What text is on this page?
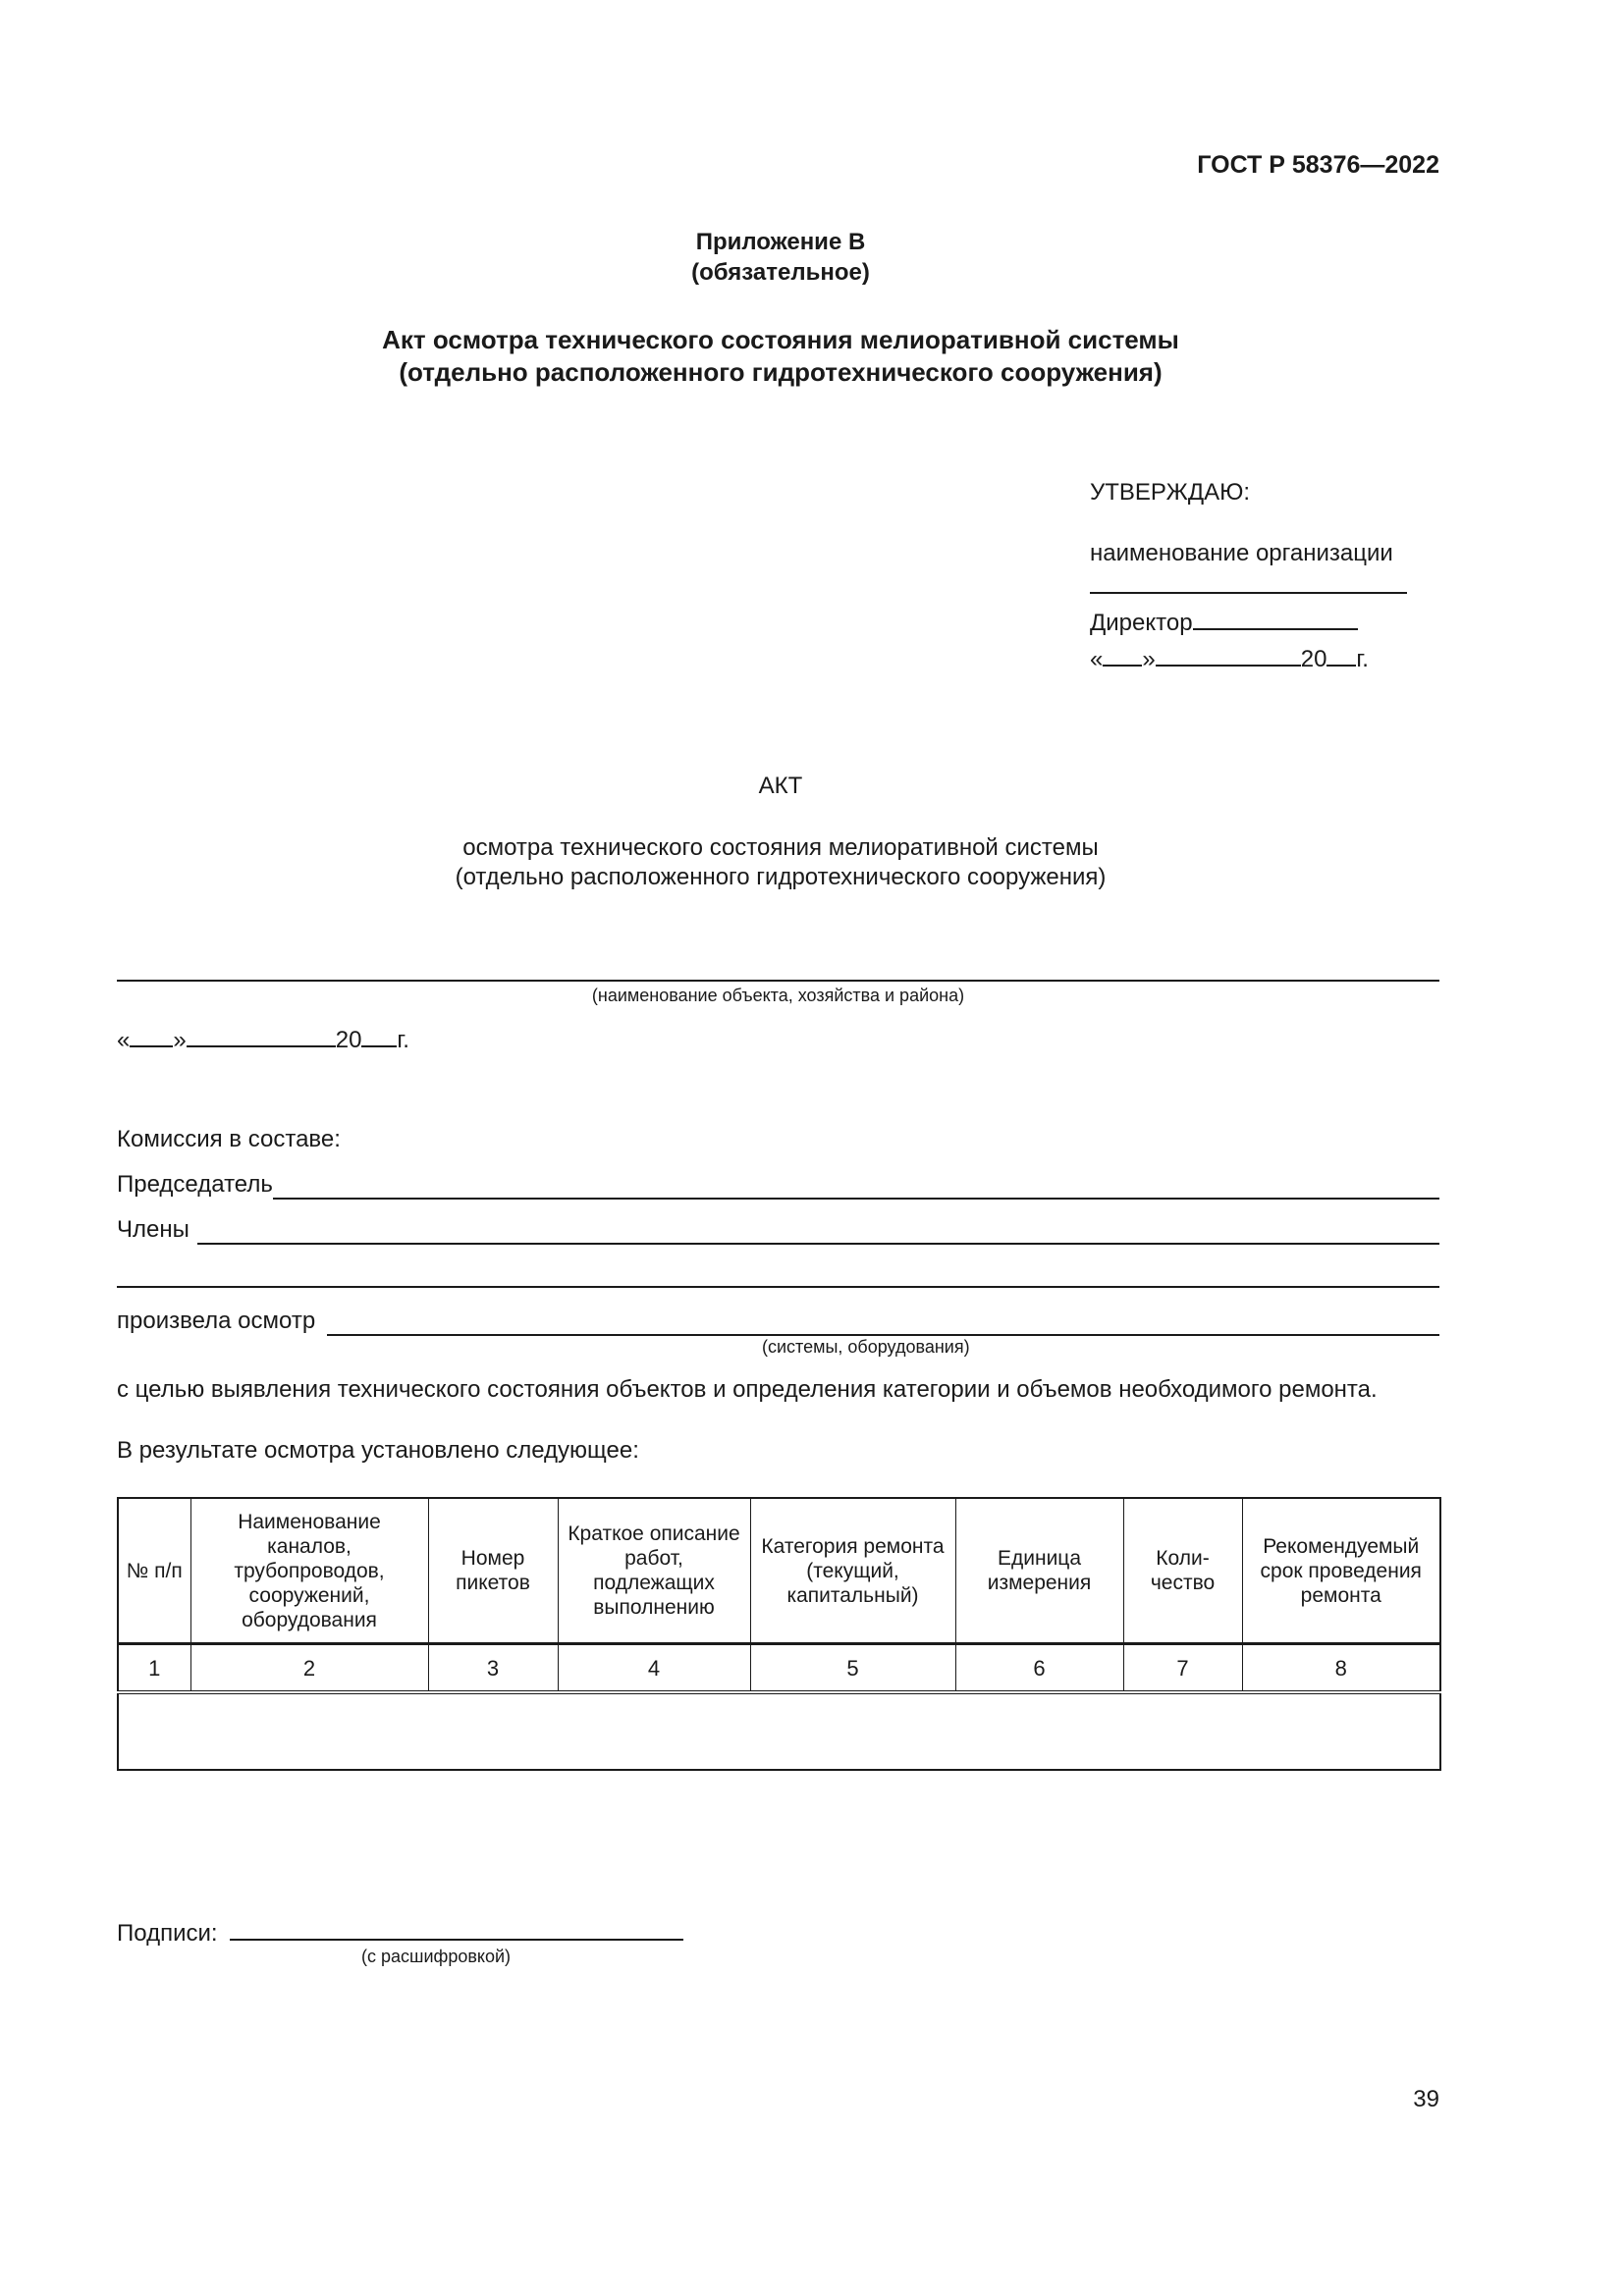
ГОСТ Р 58376—2022
Приложение В
(обязательное)
Акт осмотра технического состояния мелиоративной системы
(отдельно расположенного гидротехнического сооружения)
УТВЕРЖДАЮ:
наименование организации
Директор
« »	20 г.
АКТ
осмотра технического состояния мелиоративной системы
(отдельно расположенного гидротехнического сооружения)
(наименование объекта, хозяйства и района)
« »	20 г.
Комиссия в составе:
Председатель
Члены
произвела осмотр
(системы, оборудования)
с целью выявления технического состояния объектов и определения категории и объемов необходимого ремонта.
В результате осмотра установлено следующее:
№ п/п	Наименование каналов, трубопроводов, сооружений, оборудования	Номер пикетов	Краткое описание работ, подлежащих выполнению	Категория ремонта (текущий, капитальный)	Единица измерения	Коли-чество	Рекомендуемый срок проведения ремонта
1	2	3	4	5	6	7	8

Подписи:
(с расшифровкой)
39
